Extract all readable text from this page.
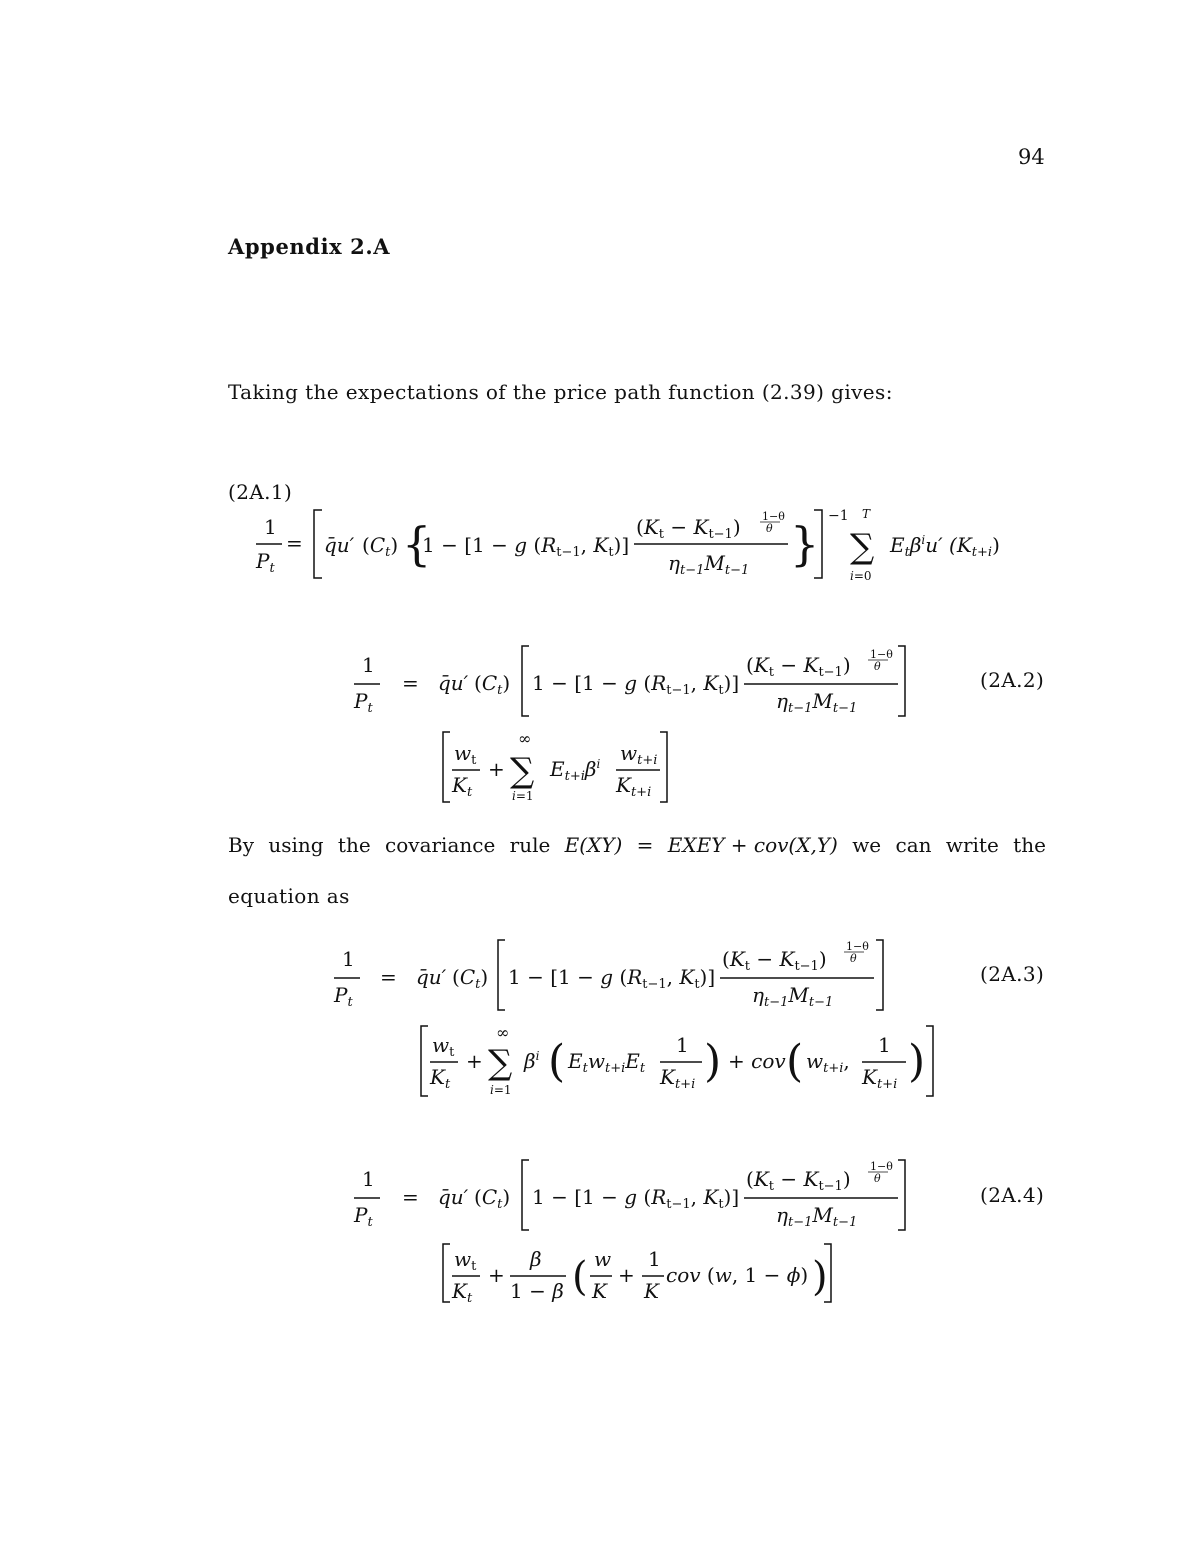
94
Appendix 2.A
Taking the expectations of the price path function (2.39) gives:
(2A.1)
1
$P_t$
= q̄u′ $(C_t)$ {
1 − [1 − g ($R_{t-1}$, $K_t$)]
$(K_t - K_{t-1})$ 1−θ
θ
$\eta_{t-1}M_{t-1}$ }
−1 T
∑
i=0
$E_t\beta^iu'$ $(K_{t+i})$
1
$P_t$
= q̄u′ $(C_t) 1 - [1 - g$ ($R_{t-1}$, $K_t$)]
$(K_t - K_{t-1})$ 1−θ
θ
$\eta_{t-1}M_{t-1}$
$w_t$
$K_t$
+
∞
∑
i=1
$E_{t+i}\beta^i$ $w_{t+i}$
$K_{t+i}$
(2A.2)
By using the covariance rule E(XY) = EXEY + cov(X,Y) we can write the
equation as
1
$P_t$
= q̄u′ $(C_t) 1 - [1 - g$ ($R_{t-1}$, $K_t$)]
$(K_t - K_{t-1})$
1−θ
θ
$\eta_{t-1}M_{t-1}$
$w_t$
$K_t$
+
∞
∑
i=1
$\beta^i$ ( $E_tw_{t+i}E_t$
1
$K_{t+i}$ ) + cov ( $w_{t+i}$,
1
$K_{t+i}$ )
(2A.3)
1
$P_t$
= q̄u′ $(C_t) 1 - [1 - g$ ($R_{t-1}$, $K_t$)]
$(K_t - K_{t-1})$
1−θ
θ
$\eta_{t-1}M_{t-1}$
$w_t$
$K_t$
+
β
1 − β ( w
K
+
1
K
cov (w, 1 − ϕ) )
(2A.4)
